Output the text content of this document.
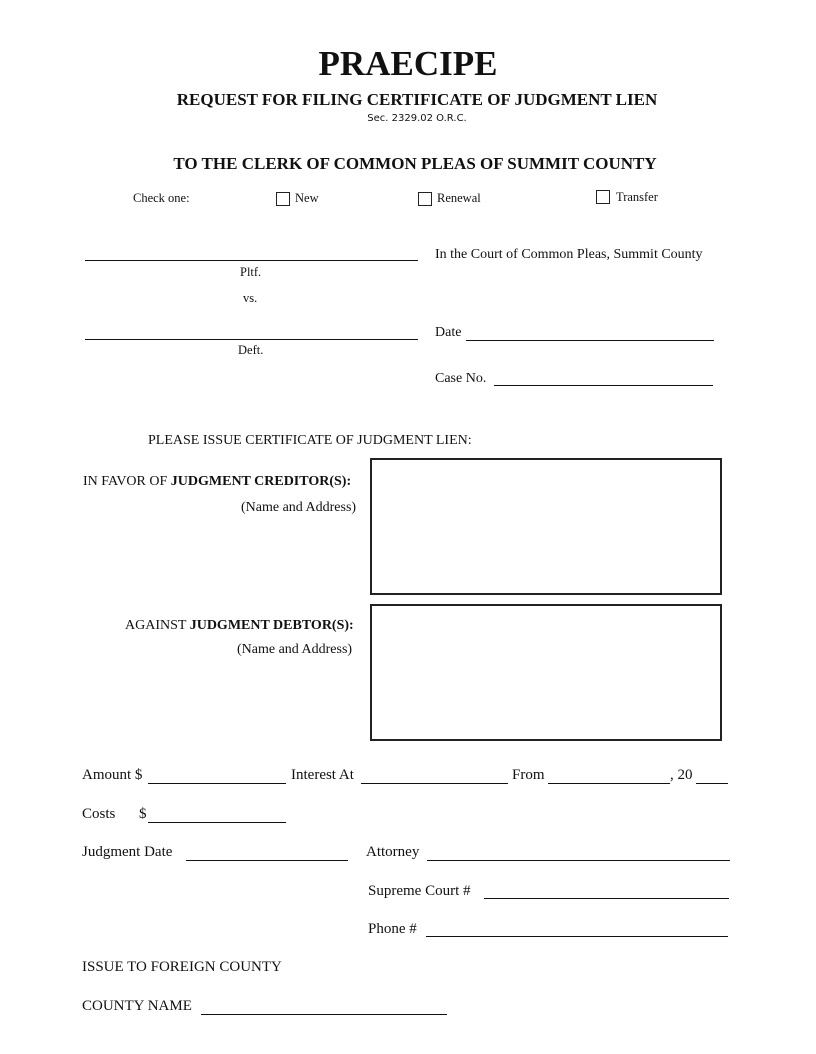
PRAECIPE
REQUEST FOR FILING CERTIFICATE OF JUDGMENT LIEN
Sec. 2329.02 O.R.C.
TO THE CLERK OF COMMON PLEAS OF SUMMIT COUNTY
Check one:	New	Renewal	Transfer
Pltf.
vs.
Deft.
In the Court of Common Pleas, Summit County
Date
Case No.
PLEASE ISSUE CERTIFICATE OF JUDGMENT LIEN:
IN FAVOR OF JUDGMENT CREDITOR(S):
(Name and Address)
AGAINST JUDGMENT DEBTOR(S):
(Name and Address)
Amount $	Interest At	From	, 20
Costs $
Judgment Date	Attorney
Supreme Court #
Phone #
ISSUE TO FOREIGN COUNTY
COUNTY NAME
